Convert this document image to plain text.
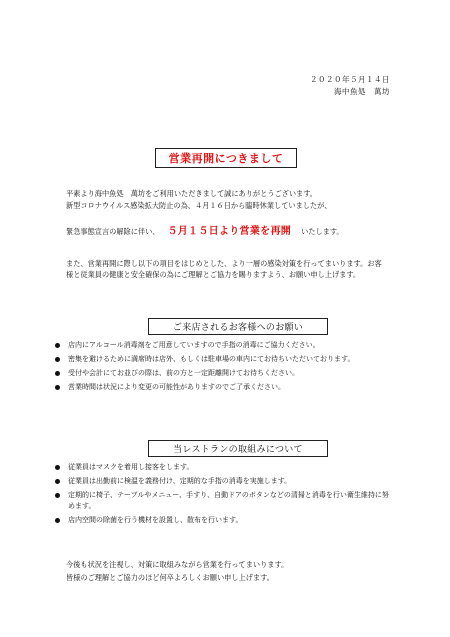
２０２０年５月１４日
海中魚処　萬坊
営業再開につきまして
平素より海中魚処　萬坊をご利用いただきまして誠にありがとうございます。
新型コロナウイルス感染拡大防止の為、４月１６日から臨時休業していましたが、
緊急事態宣言の解除に伴い、 ５月１５日より営業を再開 いたします。
また、営業再開に際し以下の項目をはじめとした、より一層の感染対策を行ってまいります。お客様と従業員の健康と安全確保の為にご理解とご協力を賜りますよう、お願い申し上げます。
ご来店されるお客様へのお願い
店内にアルコール消毒剤をご用意していますので手指の消毒にご協力ください。
密集を避けるために満席時は店外、もしくは駐車場の車内にてお待ちいただいております。
受付や会計にてお並びの際は、前の方と一定距離開けてお待ちください。
営業時間は状況により変更の可能性がありますのでご了承ください。
当レストランの取組みについて
従業員はマスクを着用し接客をします。
従業員は出勤前に検温を義務付け、定期的な手指の消毒を実施します。
定期的に椅子、テーブルやメニュー、手すり、自動ドアのボタンなどの清掃と消毒を行い衛生維持に努めます。
店内空間の除菌を行う機材を設置し、散布を行います。
今後も状況を注視し、対策に取組みながら営業を行ってまいります。
皆様のご理解とご協力のほど何卒よろしくお願い申し上げます。
